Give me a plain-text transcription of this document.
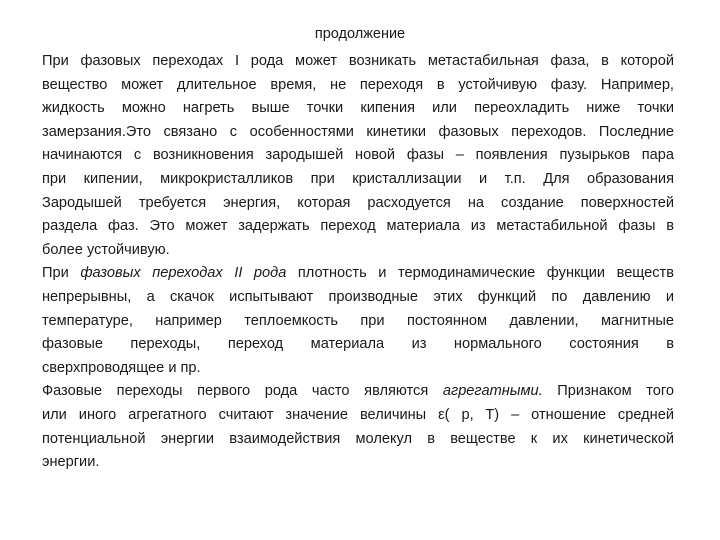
продолжение
При фазовых переходах I рода может возникать метастабильная фаза, в которой
вещество может длительное время, не переходя в устойчивую фазу. Например,
жидкость можно нагреть выше точки кипения или переохладить ниже точки
замерзания.Это связано с особенностями кинетики фазовых переходов. Последние
начинаются с возникновения зародышей новой фазы – появления пузырьков пара
при кипении, микрокристалликов при кристаллизации и т.п. Для образования
Зародышей требуется энергия, которая расходуется на создание поверхностей
раздела фаз. Это может задержать переход материала из метастабильной фазы в
более устойчивую.
При фазовых переходах II рода плотность и термодинамические функции веществ
непрерывны, а скачок испытывают производные этих функций по давлению и
температуре, например теплоемкость при постоянном давлении, магнитные
фазовые переходы, переход материала из нормального состояния в
сверхпроводящее и пр.
Фазовые переходы первого рода часто являются агрегатными. Признаком того
или иного агрегатного считают значение величины ε( p, T) – отношение средней
потенциальной энергии взаимодействия молекул в веществе к их кинетической
энергии.
